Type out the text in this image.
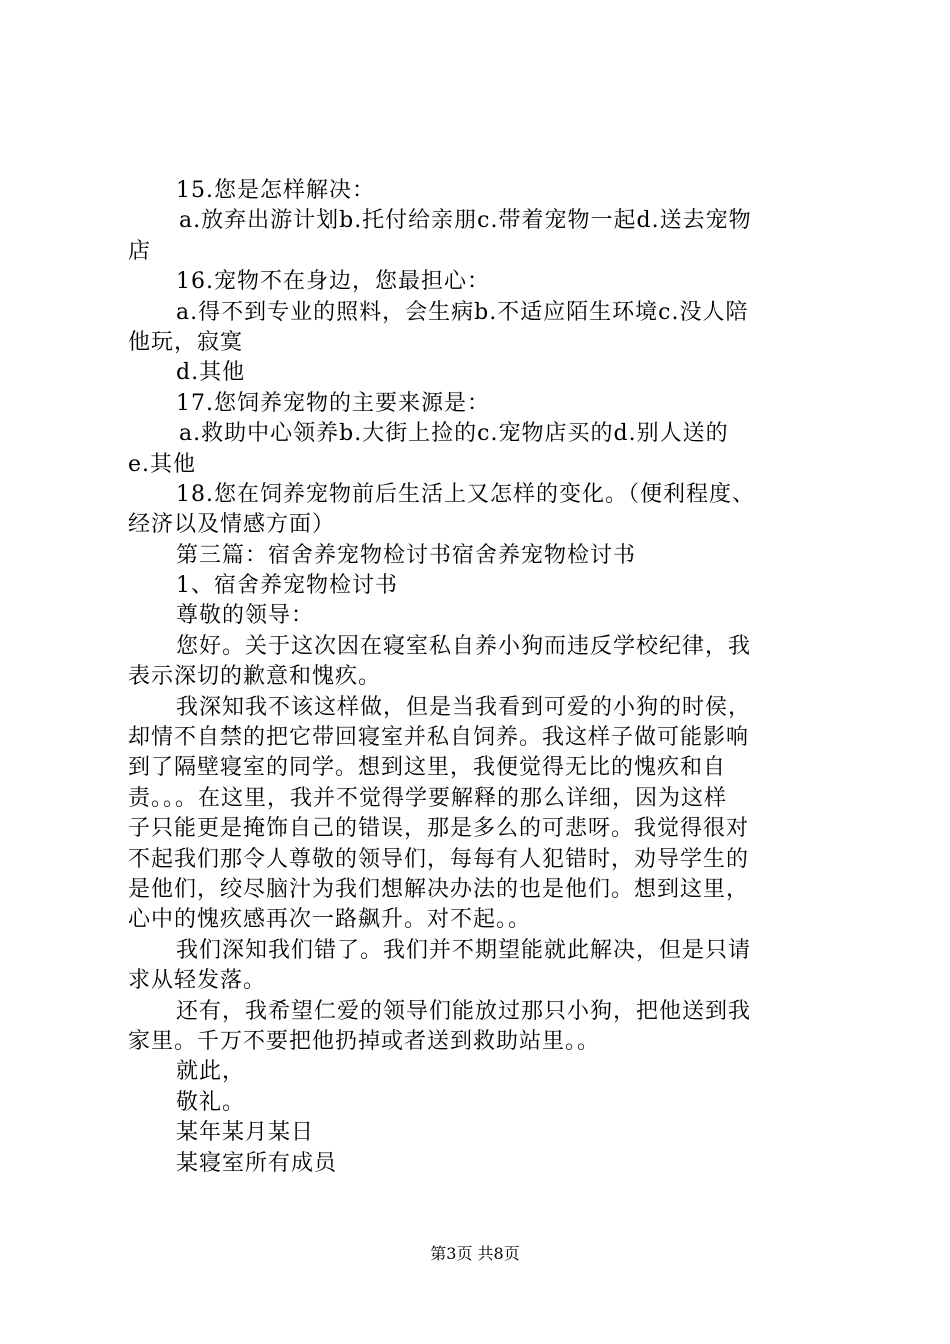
15.您是怎样解决：
a.放弃出游计划b.托付给亲朋c.带着宠物一起d.送去宠物
店
16.宠物不在身边，您最担心：
a.得不到专业的照料，会生病b.不适应陌生环境c.没人陪
他玩，寂寞
d.其他
17.您饲养宠物的主要来源是：
a.救助中心领养b.大街上捡的c.宠物店买的d.别人送的
e.其他
18.您在饲养宠物前后生活上又怎样的变化。（便利程度、
经济以及情感方面）
第三篇：宿舍养宠物检讨书宿舍养宠物检讨书
1、宿舍养宠物检讨书
尊敬的领导：
您好。关于这次因在寝室私自养小狗而违反学校纪律，我
表示深切的歉意和愧疚。
我深知我不该这样做，但是当我看到可爱的小狗的时侯，
却情不自禁的把它带回寝室并私自饲养。我这样子做可能影响
到了隔壁寝室的同学。想到这里，我便觉得无比的愧疚和自
责。。。在这里，我并不觉得学要解释的那么详细，因为这样
子只能更是掩饰自己的错误，那是多么的可悲呀。我觉得很对
不起我们那令人尊敬的领导们，每每有人犯错时，劝导学生的
是他们，绞尽脑汁为我们想解决办法的也是他们。想到这里，
心中的愧疚感再次一路飙升。对不起。。
我们深知我们错了。我们并不期望能就此解决，但是只请
求从轻发落。
还有，我希望仁爱的领导们能放过那只小狗，把他送到我
家里。千万不要把他扔掉或者送到救助站里。。
就此，
敬礼。
某年某月某日
某寝室所有成员
第3页 共8页
